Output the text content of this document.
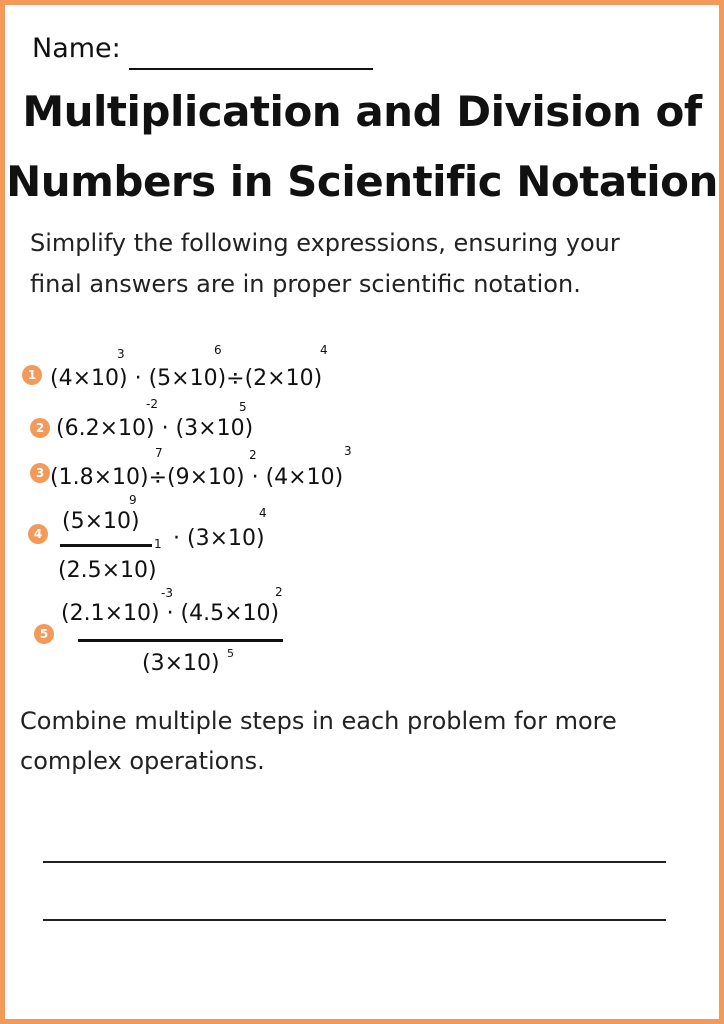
Name:
Multiplication and Division of
Numbers in Scientific Notation
Simplify the following expressions, ensuring your
final answers are in proper scientific notation.
1 (4×10) · (5×10)÷(2×10)
3	6	4
2 (6.2×10) · (3×10)
-2	5
3 (1.8×10)÷(9×10) · (4×10)
7	2	3
4
9
(5×10)
1
(2.5×10)
· (3×10)
4
5
-3	2
(2.1×10) · (4.5×10)
(3×10) 5
Combine multiple steps in each problem for more
complex operations.
